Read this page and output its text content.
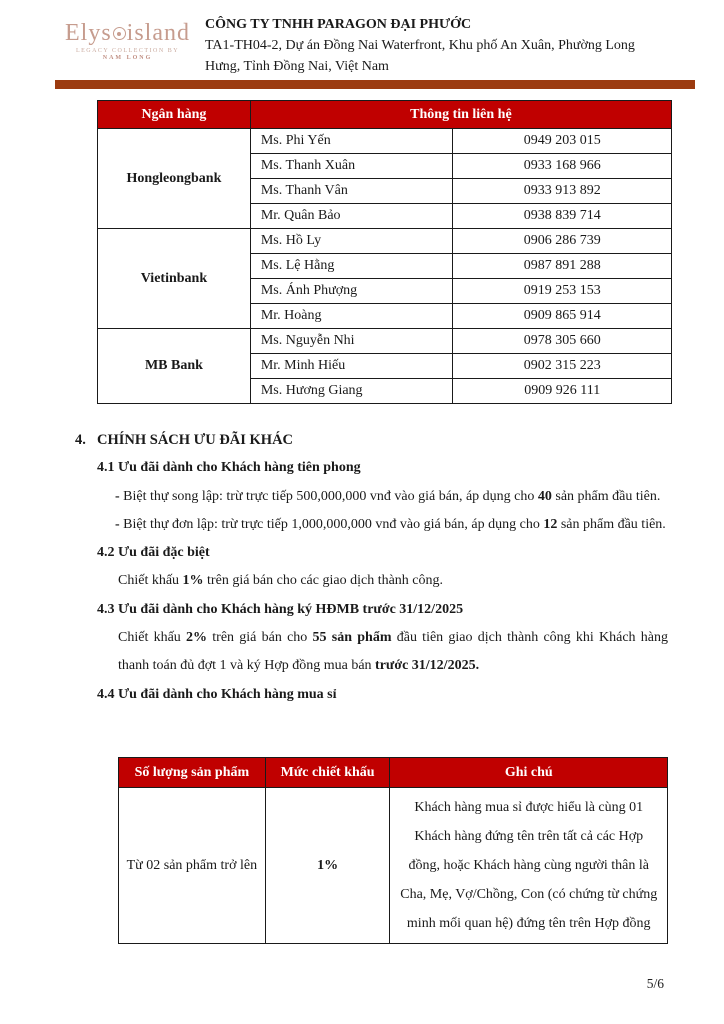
Elys island
LEGACY COLLECTION BY
NAM LONG
CÔNG TY TNHH PARAGON ĐẠI PHƯỚC
TA1-TH04-2, Dự án Đồng Nai Waterfront, Khu phố An Xuân, Phường Long
Hưng, Tỉnh Đồng Nai, Việt Nam
Ngân hàng	Thông tin liên hệ	
Hongleongbank	Ms. Phi Yến	0949 203 015
	Ms. Thanh Xuân	0933 168 966
	Ms. Thanh Vân	0933 913 892
	Mr. Quân Bảo	0938 839 714
Vietinbank	Ms. Hồ Ly	0906 286 739
	Ms. Lệ Hằng	0987 891 288
	Ms. Ánh Phượng	0919 253 153
	Mr. Hoàng	0909 865 914
MB Bank	Ms. Nguyễn Nhi	0978 305 660
	Mr. Minh Hiếu	0902 315 223
	Ms. Hương Giang	0909 926 111
4. CHÍNH SÁCH ƯU ĐÃI KHÁC
4.1 Ưu đãi dành cho Khách hàng tiên phong
- Biệt thự song lập: trừ trực tiếp 500,000,000 vnđ vào giá bán, áp dụng cho 40 sản phẩm đầu tiên.
- Biệt thự đơn lập: trừ trực tiếp 1,000,000,000 vnđ vào giá bán, áp dụng cho 12 sản phẩm đầu tiên.
4.2 Ưu đãi đặc biệt
Chiết khấu 1% trên giá bán cho các giao dịch thành công.
4.3 Ưu đãi dành cho Khách hàng ký HĐMB trước 31/12/2025
Chiết khấu 2% trên giá bán cho 55 sản phẩm đầu tiên giao dịch thành công khi Khách hàng thanh toán đủ đợt 1 và ký Hợp đồng mua bán trước 31/12/2025.
4.4 Ưu đãi dành cho Khách hàng mua sỉ
Số lượng sản phẩm	Mức chiết khấu	Ghi chú
Từ 02 sản phẩm trở lên	1%	Khách hàng mua sỉ được hiểu là cùng 01 Khách hàng đứng tên trên tất cả các Hợp đồng, hoặc Khách hàng cùng người thân là Cha, Mẹ, Vợ/Chồng, Con (có chứng từ chứng minh mối quan hệ) đứng tên trên Hợp đồng
5/6
